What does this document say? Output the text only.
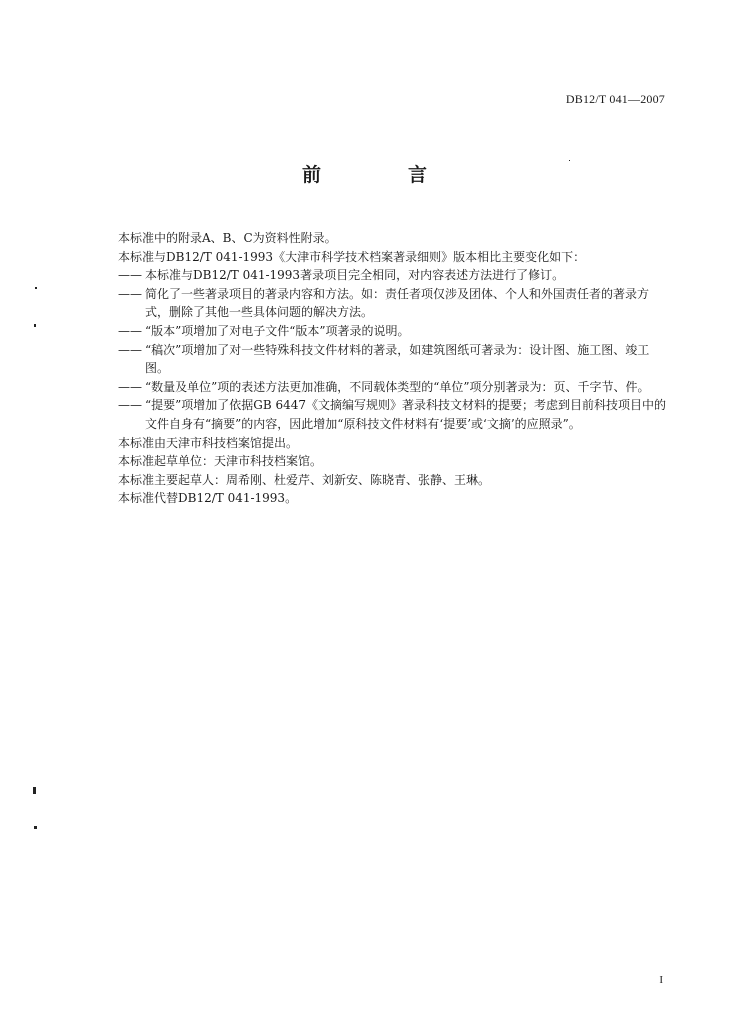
DB12/T 041—2007
前　言

本标准中的附录A、B、C为资料性附录。

本标准与DB12/T 041-1993《大津市科学技术档案著录细则》版本相比主要变化如下：

—— 本标准与DB12/T 041-1993著录项目完全相同，对内容表述方法进行了修订。

—— 简化了一些著录项目的著录内容和方法。如：责任者项仅涉及团体、个人和外国责任者的著录方式，删除了其他一些具体问题的解决方法。

—— “版本”项增加了对电子文件“版本”项著录的说明。

—— “稿次”项增加了对一些特殊科技文件材料的著录，如建筑图纸可著录为：设计图、施工图、竣工图。

—— “数量及单位”项的表述方法更加准确，不同载体类型的“单位”项分别著录为：页、千字节、件。

—— “提要”项增加了依据GB 6447《文摘编写规则》著录科技文材料的提要；考虑到目前科技项目中的文件自身有“摘要”的内容，因此增加“原科技文件材料有‘提要’或‘文摘’的应照录”。

本标准由天津市科技档案馆提出。

本标准起草单位：天津市科技档案馆。

本标准主要起草人：周希刚、杜爱芹、刘新安、陈晓青、张静、王琳。

本标准代替DB12/T 041-1993。

I
